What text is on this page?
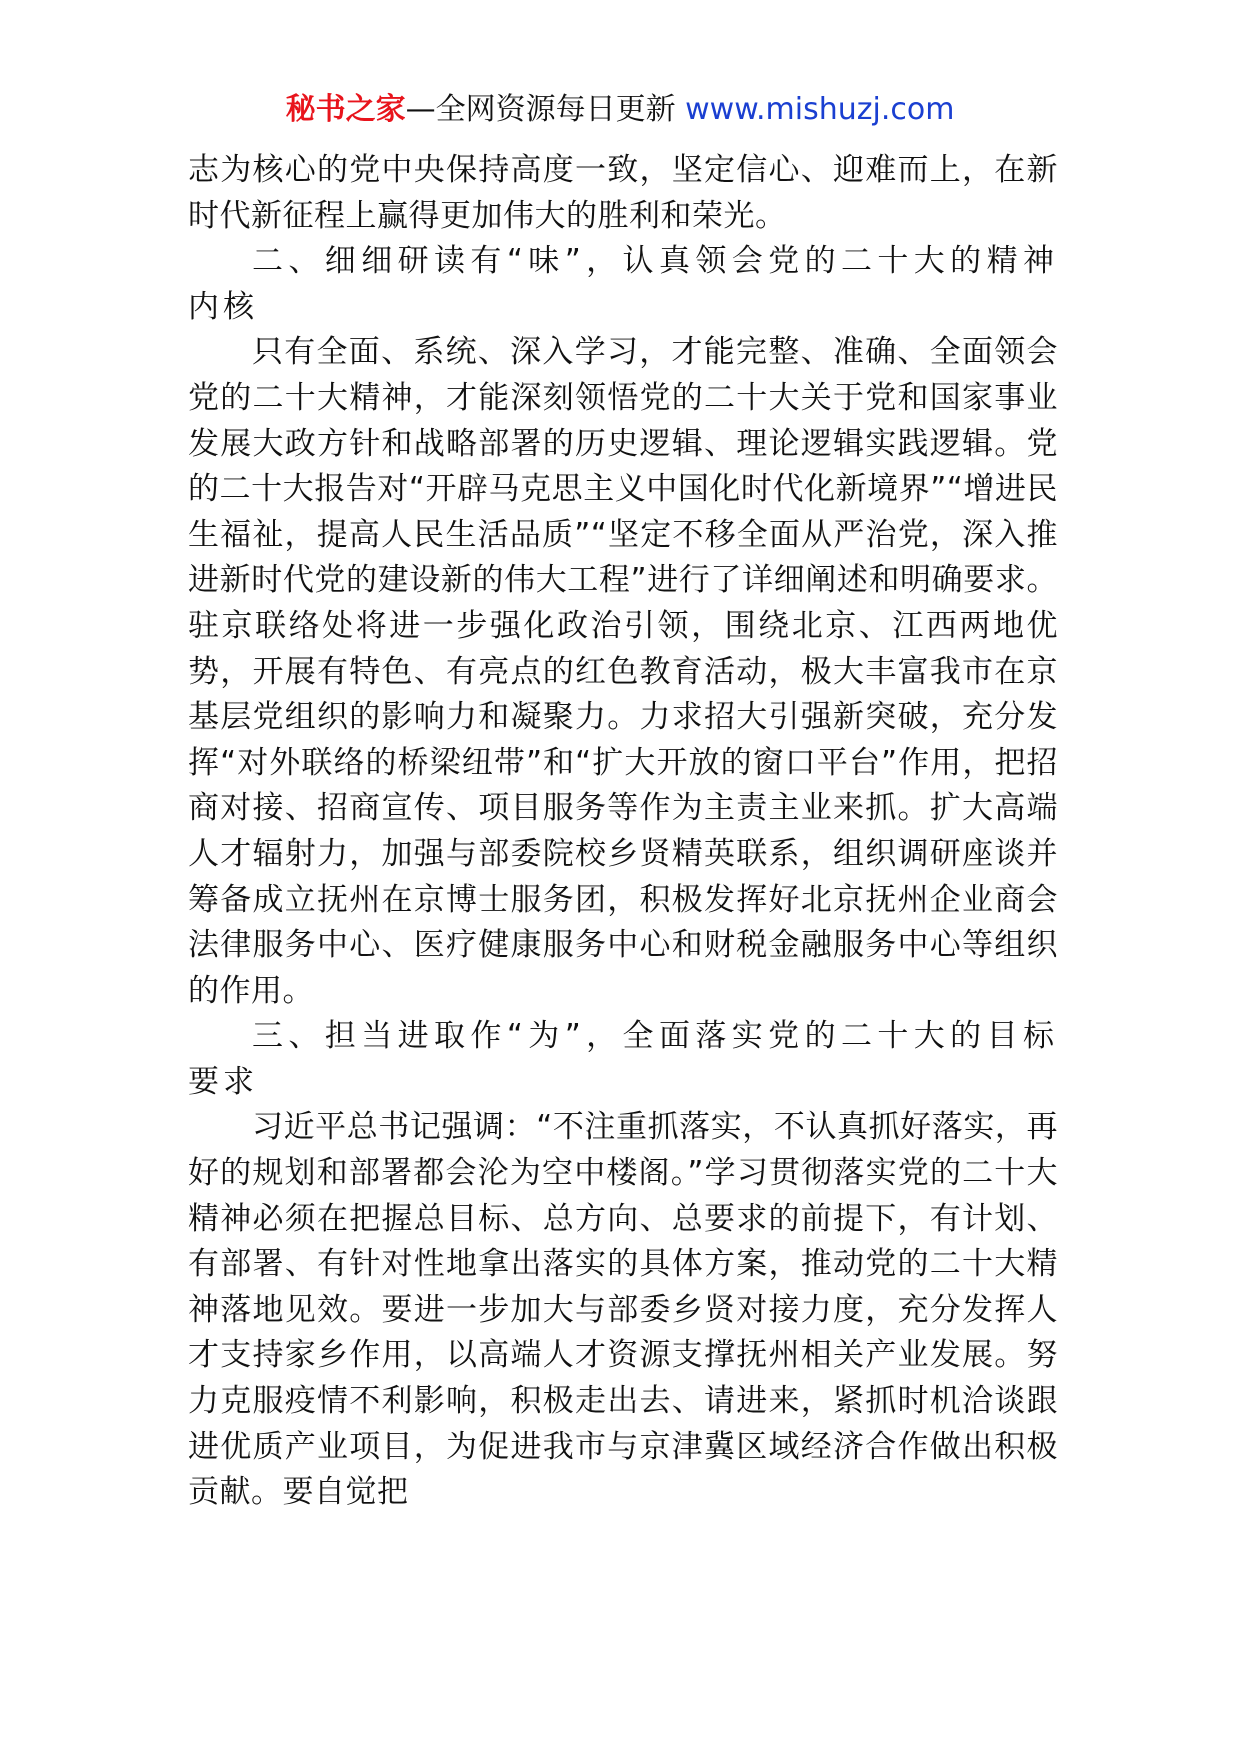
秘书之家—全网资源每日更新 www.mishuzj.com

志为核心的党中央保持高度一致，坚定信心、迎难而上，在新时代新征程上赢得更加伟大的胜利和荣光。

二、细细研读有“味”，认真领会党的二十大的精神内核

只有全面、系统、深入学习，才能完整、准确、全面领会党的二十大精神，才能深刻领悟党的二十大关于党和国家事业发展大政方针和战略部署的历史逻辑、理论逻辑实践逻辑。党的二十大报告对“开辟马克思主义中国化时代化新境界”“增进民生福祉，提高人民生活品质”“坚定不移全面从严治党，深入推进新时代党的建设新的伟大工程”进行了详细阐述和明确要求。驻京联络处将进一步强化政治引领，围绕北京、江西两地优势，开展有特色、有亮点的红色教育活动，极大丰富我市在京基层党组织的影响力和凝聚力。力求招大引强新突破，充分发挥“对外联络的桥梁纽带”和“扩大开放的窗口平台”作用，把招商对接、招商宣传、项目服务等作为主责主业来抓。扩大高端人才辐射力，加强与部委院校乡贤精英联系，组织调研座谈并筹备成立抚州在京博士服务团，积极发挥好北京抚州企业商会法律服务中心、医疗健康服务中心和财税金融服务中心等组织的作用。

三、担当进取作“为”，全面落实党的二十大的目标要求

习近平总书记强调：“不注重抓落实，不认真抓好落实，再好的规划和部署都会沦为空中楼阁。”学习贯彻落实党的二十大精神必须在把握总目标、总方向、总要求的前提下，有计划、有部署、有针对性地拿出落实的具体方案，推动党的二十大精神落地见效。要进一步加大与部委乡贤对接力度，充分发挥人才支持家乡作用，以高端人才资源支撑抚州相关产业发展。努力克服疫情不利影响，积极走出去、请进来，紧抓时机洽谈跟进优质产业项目，为促进我市与京津冀区域经济合作做出积极贡献。要自觉把
